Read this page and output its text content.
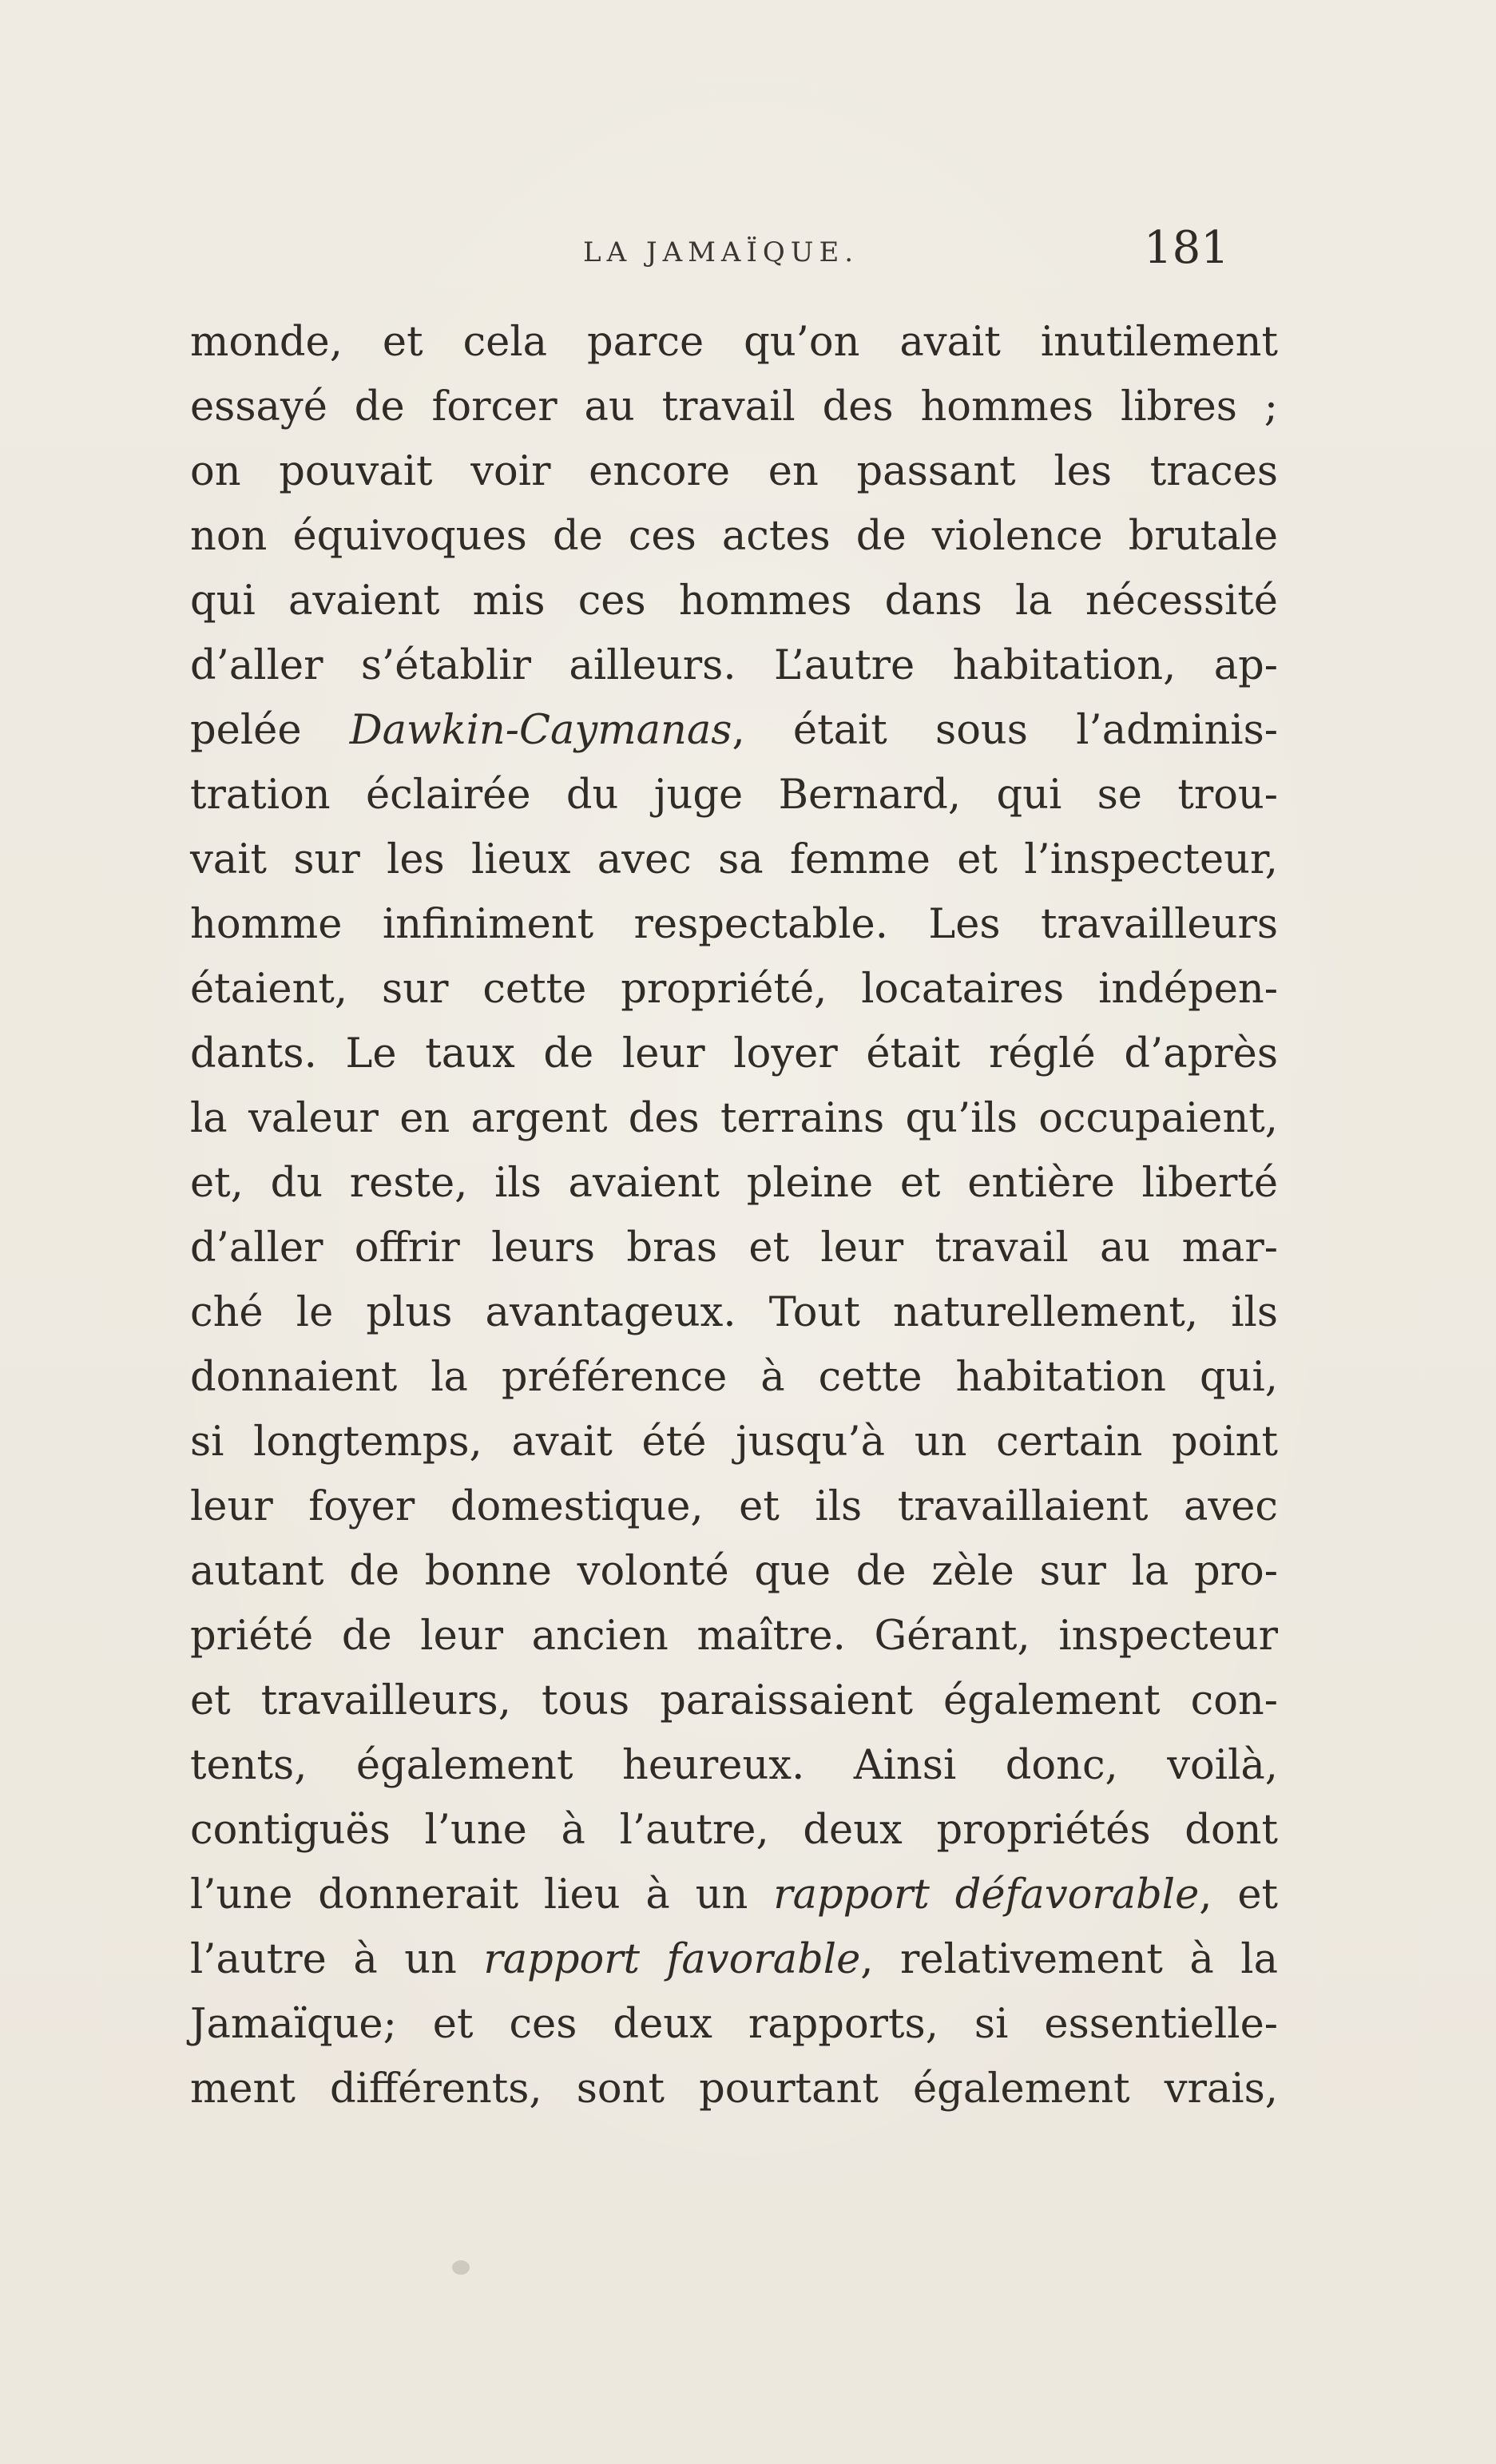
LA JAMAÏQUE.	181
monde, et cela parce qu’on avait inutilement
essayé de forcer au travail des hommes libres ;
on pouvait voir encore en passant les traces
non équivoques de ces actes de violence brutale
qui avaient mis ces hommes dans la nécessité
d’aller s’établir ailleurs. L’autre habitation, ap-
pelée Dawkin-Caymanas, était sous l’adminis-
tration éclairée du juge Bernard, qui se trou-
vait sur les lieux avec sa femme et l’inspecteur,
homme infiniment respectable. Les travailleurs
étaient, sur cette propriété, locataires indépen-
dants. Le taux de leur loyer était réglé d’après
la valeur en argent des terrains qu’ils occupaient,
et, du reste, ils avaient pleine et entière liberté
d’aller offrir leurs bras et leur travail au mar-
ché le plus avantageux. Tout naturellement, ils
donnaient la préférence à cette habitation qui,
si longtemps, avait été jusqu’à un certain point
leur foyer domestique, et ils travaillaient avec
autant de bonne volonté que de zèle sur la pro-
priété de leur ancien maître. Gérant, inspecteur
et travailleurs, tous paraissaient également con-
tents, également heureux. Ainsi donc, voilà,
contiguës l’une à l’autre, deux propriétés dont
l’une donnerait lieu à un rapport défavorable, et
l’autre à un rapport favorable, relativement à la
Jamaïque; et ces deux rapports, si essentielle-
ment différents, sont pourtant également vrais,
